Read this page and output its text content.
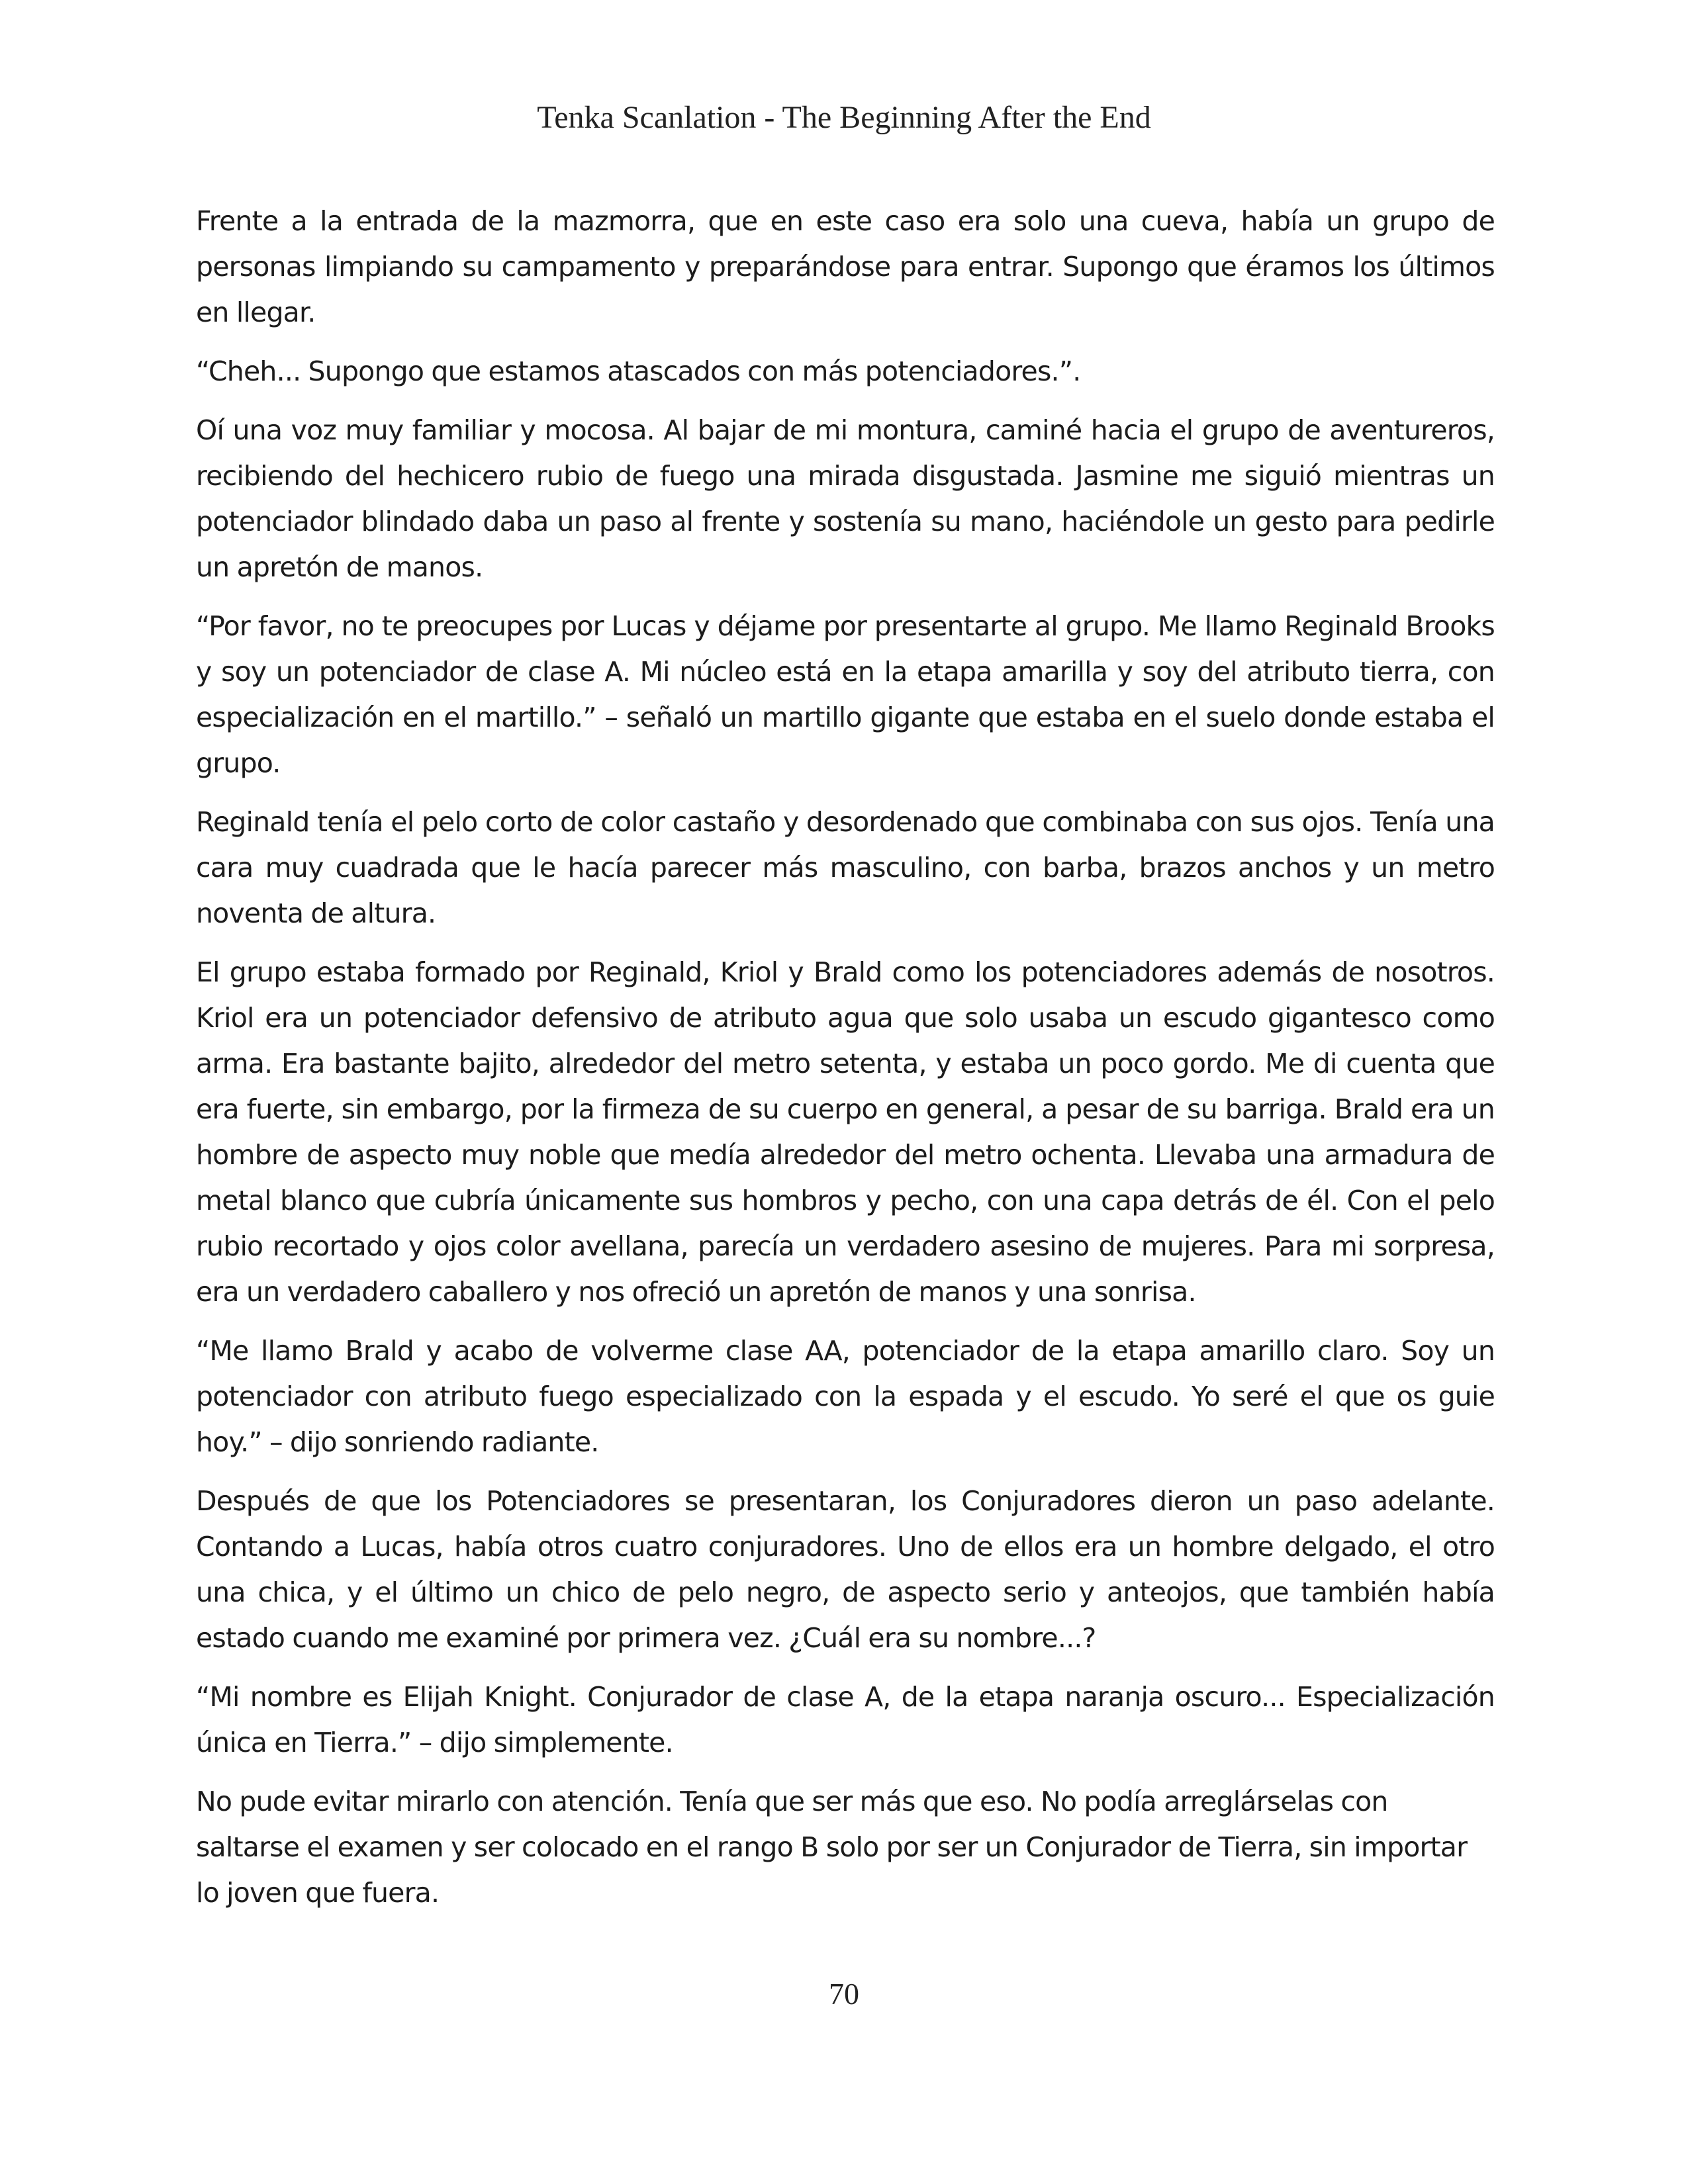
Tenka Scanlation - The Beginning After the End

Frente a la entrada de la mazmorra, que en este caso era solo una cueva, había un grupo de personas limpiando su campamento y preparándose para entrar. Supongo que éramos los últimos en llegar.

“Cheh... Supongo que estamos atascados con más potenciadores.”.

Oí una voz muy familiar y mocosa. Al bajar de mi montura, caminé hacia el grupo de aventureros, recibiendo del hechicero rubio de fuego una mirada disgustada. Jasmine me siguió mientras un potenciador blindado daba un paso al frente y sostenía su mano, haciéndole un gesto para pedirle un apretón de manos.

“Por favor, no te preocupes por Lucas y déjame por presentarte al grupo. Me llamo Reginald Brooks y soy un potenciador de clase A. Mi núcleo está en la etapa amarilla y soy del atributo tierra, con especialización en el martillo.” – señaló un martillo gigante que estaba en el suelo donde estaba el grupo.

Reginald tenía el pelo corto de color castaño y desordenado que combinaba con sus ojos. Tenía una cara muy cuadrada que le hacía parecer más masculino, con barba, brazos anchos y un metro noventa de altura.

El grupo estaba formado por Reginald, Kriol y Brald como los potenciadores además de nosotros. Kriol era un potenciador defensivo de atributo agua que solo usaba un escudo gigantesco como arma. Era bastante bajito, alrededor del metro setenta, y estaba un poco gordo. Me di cuenta que era fuerte, sin embargo, por la firmeza de su cuerpo en general, a pesar de su barriga. Brald era un hombre de aspecto muy noble que medía alrededor del metro ochenta. Llevaba una armadura de metal blanco que cubría únicamente sus hombros y pecho, con una capa detrás de él. Con el pelo rubio recortado y ojos color avellana, parecía un verdadero asesino de mujeres. Para mi sorpresa, era un verdadero caballero y nos ofreció un apretón de manos y una sonrisa.

“Me llamo Brald y acabo de volverme clase AA, potenciador de la etapa amarillo claro. Soy un potenciador con atributo fuego especializado con la espada y el escudo. Yo seré el que os guie hoy.” – dijo sonriendo radiante.

Después de que los Potenciadores se presentaran, los Conjuradores dieron un paso adelante. Contando a Lucas, había otros cuatro conjuradores. Uno de ellos era un hombre delgado, el otro una chica, y el último un chico de pelo negro, de aspecto serio y anteojos, que también había estado cuando me examiné por primera vez. ¿Cuál era su nombre...?

“Mi nombre es Elijah Knight. Conjurador de clase A, de la etapa naranja oscuro... Especialización única en Tierra.” – dijo simplemente.

No pude evitar mirarlo con atención. Tenía que ser más que eso. No podía arreglárselas con saltarse el examen y ser colocado en el rango B solo por ser un Conjurador de Tierra, sin importar lo joven que fuera.

70
